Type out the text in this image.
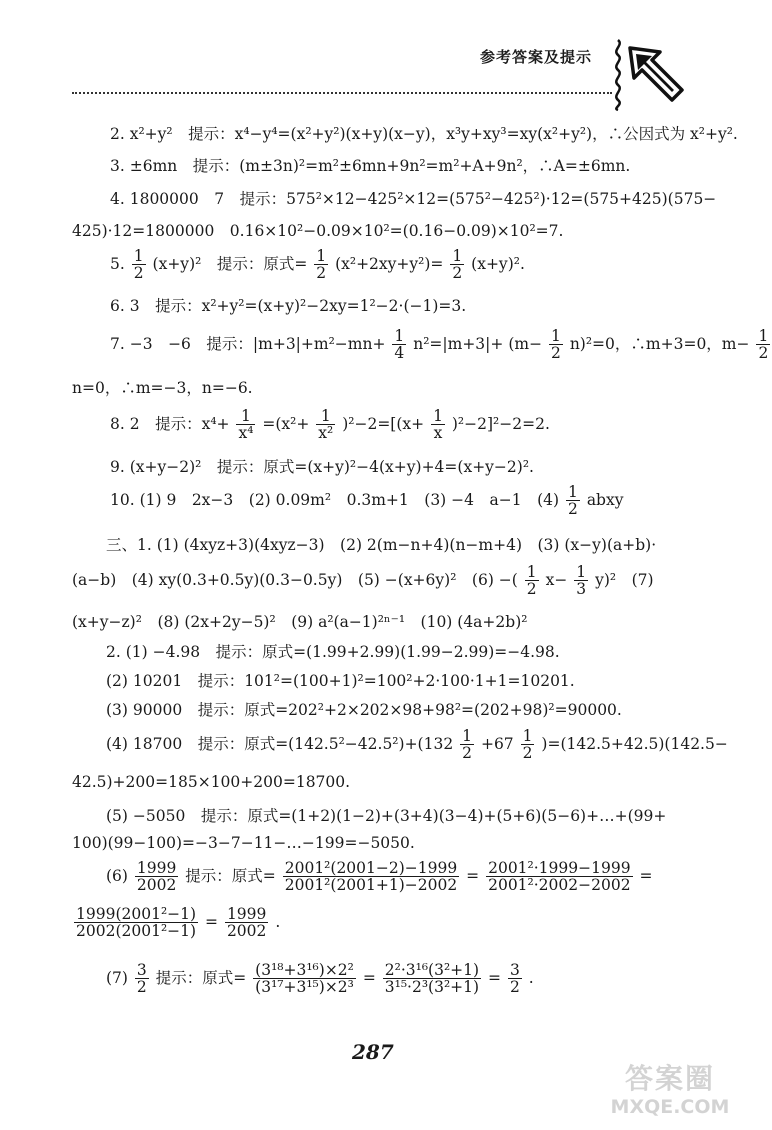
参考答案及提示
2. x²+y²　提示：x⁴−y⁴=(x²+y²)(x+y)(x−y)，x³y+xy³=xy(x²+y²)，∴公因式为 x²+y².
3. ±6mn　提示：(m±3n)²=m²±6mn+9n²=m²+A+9n²，∴A=±6mn.
4. 1800000　7　提示：575²×12−425²×12=(575²−425²)·12=(575+425)(575−
425)·12=1800000　0.16×10²−0.09×10²=(0.16−0.09)×10²=7.
5. $\frac{1}{2} (x+y)^2$　提示：原式= $\frac{1}{2} (x^2+2xy+y^2)= \frac{1}{2} (x+y)^2$.
6. 3　提示：x²+y²=(x+y)²−2xy=1²−2·(−1)=3.
7. −3　−6　提示：$|m+3|+m^2-mn+ \frac{1}{4} n^2=|m+3|+ (m- \frac{1}{2} n)^2=0$，∴m+3=0，$m- \frac{1}{2}$
n=0，∴m=−3，n=−6.
8. 2　提示：$x^4+ \frac{1}{\text{x⁴}} =(x^2+ \frac{1}{\text{x²}} )^2-2=[(x+ \frac{1}{x} )^2-2]^2-2=2$.
9. (x+y−2)²　提示：原式=(x+y)²−4(x+y)+4=(x+y−2)².
10. (1) 9　2x−3　(2) 0.09m²　0.3m+1　(3) −4　a−1　$(4) \frac{1}{2}$ abxy
三、1. (1) (4xyz+3)(4xyz−3)　(2) 2(m−n+4)(n−m+4)　(3) (x−y)(a+b)·
(a−b)　(4) xy(0.3+0.5y)(0.3−0.5y)　(5) −(x+6y)²　(6) −( $\frac{1}{2} x- \frac{1}{3} y)^2$　(7)
(x+y−z)²　(8) (2x+2y−5)²　(9) a²(a−1)²ⁿ⁻¹　(10) (4a+2b)²
2. (1) −4.98　提示：原式=(1.99+2.99)(1.99−2.99)=−4.98.
(2) 10201　提示：101²=(100+1)²=100²+2·100·1+1=10201.
(3) 90000　提示：原式=202²+2×202×98+98²=(202+98)²=90000.
(4) 18700　提示：原式$=(142.5^2-42.5^2)+(132 \frac{1}{2} +67 \frac{1}{2} )=(142.5+42.5)(142.5-$
42.5)+200=185×100+200=18700.
(5) −5050　提示：原式=(1+2)(1−2)+(3+4)(3−4)+(5+6)(5−6)+…+(99+
100)(99−100)=−3−7−11−…−199=−5050.
$(6) \frac{1999}{2002}$ 提示：原式= $\frac{\text{2001²(2001−2)−1999}}{\text{2001²(2001+1)−2002}} = \frac{\text{2001²·1999−1999}}{\text{2001²·2002−2002}}$ =
$\frac{\text{1999(2001²−1)}}{\text{2002(2001²−1)}} = \frac{1999}{2002}$ .
$(7) \frac{3}{2}$ 提示：原式= $\frac{\text{(3¹⁸+3¹⁶)×2²}}{\text{(3¹⁷+3¹⁵)×2³}} = \frac{\text{2²·3¹⁶(3²+1)}}{\text{3¹⁵·2³(3²+1)}} = \frac{3}{2}$ .
287
答案圈
MXQE.COM
